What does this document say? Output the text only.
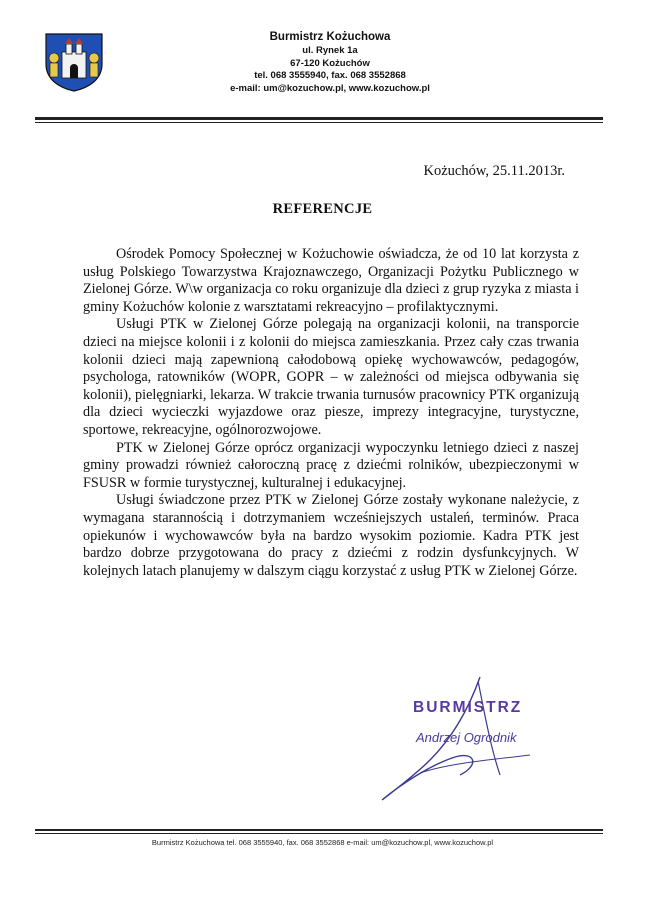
Burmistrz Kożuchowa
ul. Rynek 1a
67-120 Kożuchów
tel. 068 3555940, fax. 068 3552868
e-mail: um@kozuchow.pl, www.kozuchow.pl
Kożuchów, 25.11.2013r.
REFERENCJE

Ośrodek Pomocy Społecznej w Kożuchowie oświadcza, że od 10 lat korzysta z usług Polskiego Towarzystwa Krajoznawczego, Organizacji Pożytku Publicznego w Zielonej Górze. W\w organizacja co roku organizuje dla dzieci z grup ryzyka z miasta i gminy Kożuchów kolonie z warsztatami rekreacyjno – profilaktycznymi.

Usługi PTK w Zielonej Górze polegają na organizacji kolonii, na transporcie dzieci na miejsce kolonii i z kolonii do miejsca zamieszkania. Przez cały czas trwania kolonii dzieci mają zapewnioną całodobową opiekę wychowawców, pedagogów, psychologa, ratowników (WOPR, GOPR – w zależności od miejsca odbywania się kolonii), pielęgniarki, lekarza. W trakcie trwania turnusów pracownicy PTK organizują dla dzieci wycieczki wyjazdowe oraz piesze, imprezy integracyjne, turystyczne, sportowe, rekreacyjne, ogólnorozwojowe.

PTK w Zielonej Górze oprócz organizacji wypoczynku letniego dzieci z naszej gminy prowadzi również całoroczną pracę z dziećmi rolników, ubezpieczonymi w FSUSR w formie turystycznej, kulturalnej i edukacyjnej.

Usługi świadczone przez PTK w Zielonej Górze zostały wykonane należycie, z wymagana starannością i dotrzymaniem wcześniejszych ustaleń, terminów. Praca opiekunów i wychowawców była na bardzo wysokim poziomie. Kadra PTK jest bardzo dobrze przygotowana do pracy z dziećmi z rodzin dysfunkcyjnych. W kolejnych latach planujemy w dalszym ciągu korzystać z usług PTK w Zielonej Górze.

BURMISTRZ
Andrzej Ogrodnik
Burmistrz Kożuchowa tel. 068 3555940, fax. 068 3552868 e-mail: um@kozuchow.pl, www.kozuchow.pl
